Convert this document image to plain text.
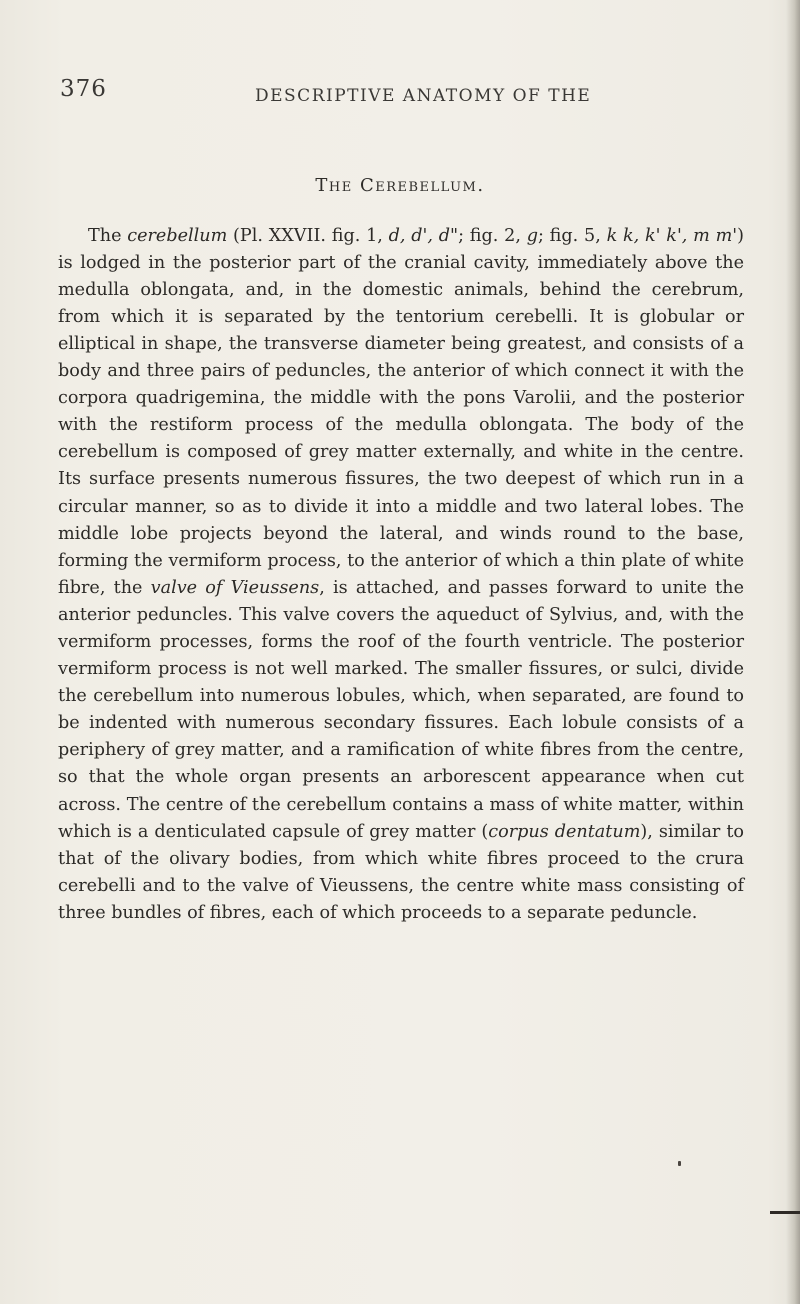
376	DESCRIPTIVE ANATOMY OF THE
The Cerebellum.

The cerebellum (Pl. XXVII. fig. 1, d, d', d"; fig. 2, g; fig. 5, k k, k' k', m m') is lodged in the posterior part of the cranial cavity, immediately above the medulla oblongata, and, in the domestic animals, behind the cerebrum, from which it is separated by the tentorium cerebelli. It is globular or elliptical in shape, the transverse diameter being greatest, and consists of a body and three pairs of peduncles, the anterior of which connect it with the corpora quadrigemina, the middle with the pons Varolii, and the posterior with the restiform process of the medulla oblongata. The body of the cerebellum is composed of grey matter externally, and white in the centre. Its surface presents numerous fissures, the two deepest of which run in a circular manner, so as to divide it into a middle and two lateral lobes. The middle lobe projects beyond the lateral, and winds round to the base, forming the vermiform process, to the anterior of which a thin plate of white fibre, the valve of Vieussens, is attached, and passes forward to unite the anterior peduncles. This valve covers the aqueduct of Sylvius, and, with the vermiform processes, forms the roof of the fourth ventricle. The posterior vermiform process is not well marked. The smaller fissures, or sulci, divide the cerebellum into numerous lobules, which, when separated, are found to be indented with numerous secondary fissures. Each lobule consists of a periphery of grey matter, and a ramification of white fibres from the centre, so that the whole organ presents an arborescent appearance when cut across. The centre of the cerebellum contains a mass of white matter, within which is a denticulated capsule of grey matter (corpus dentatum), similar to that of the olivary bodies, from which white fibres proceed to the crura cerebelli and to the valve of Vieussens, the centre white mass consisting of three bundles of fibres, each of which proceeds to a separate peduncle.
